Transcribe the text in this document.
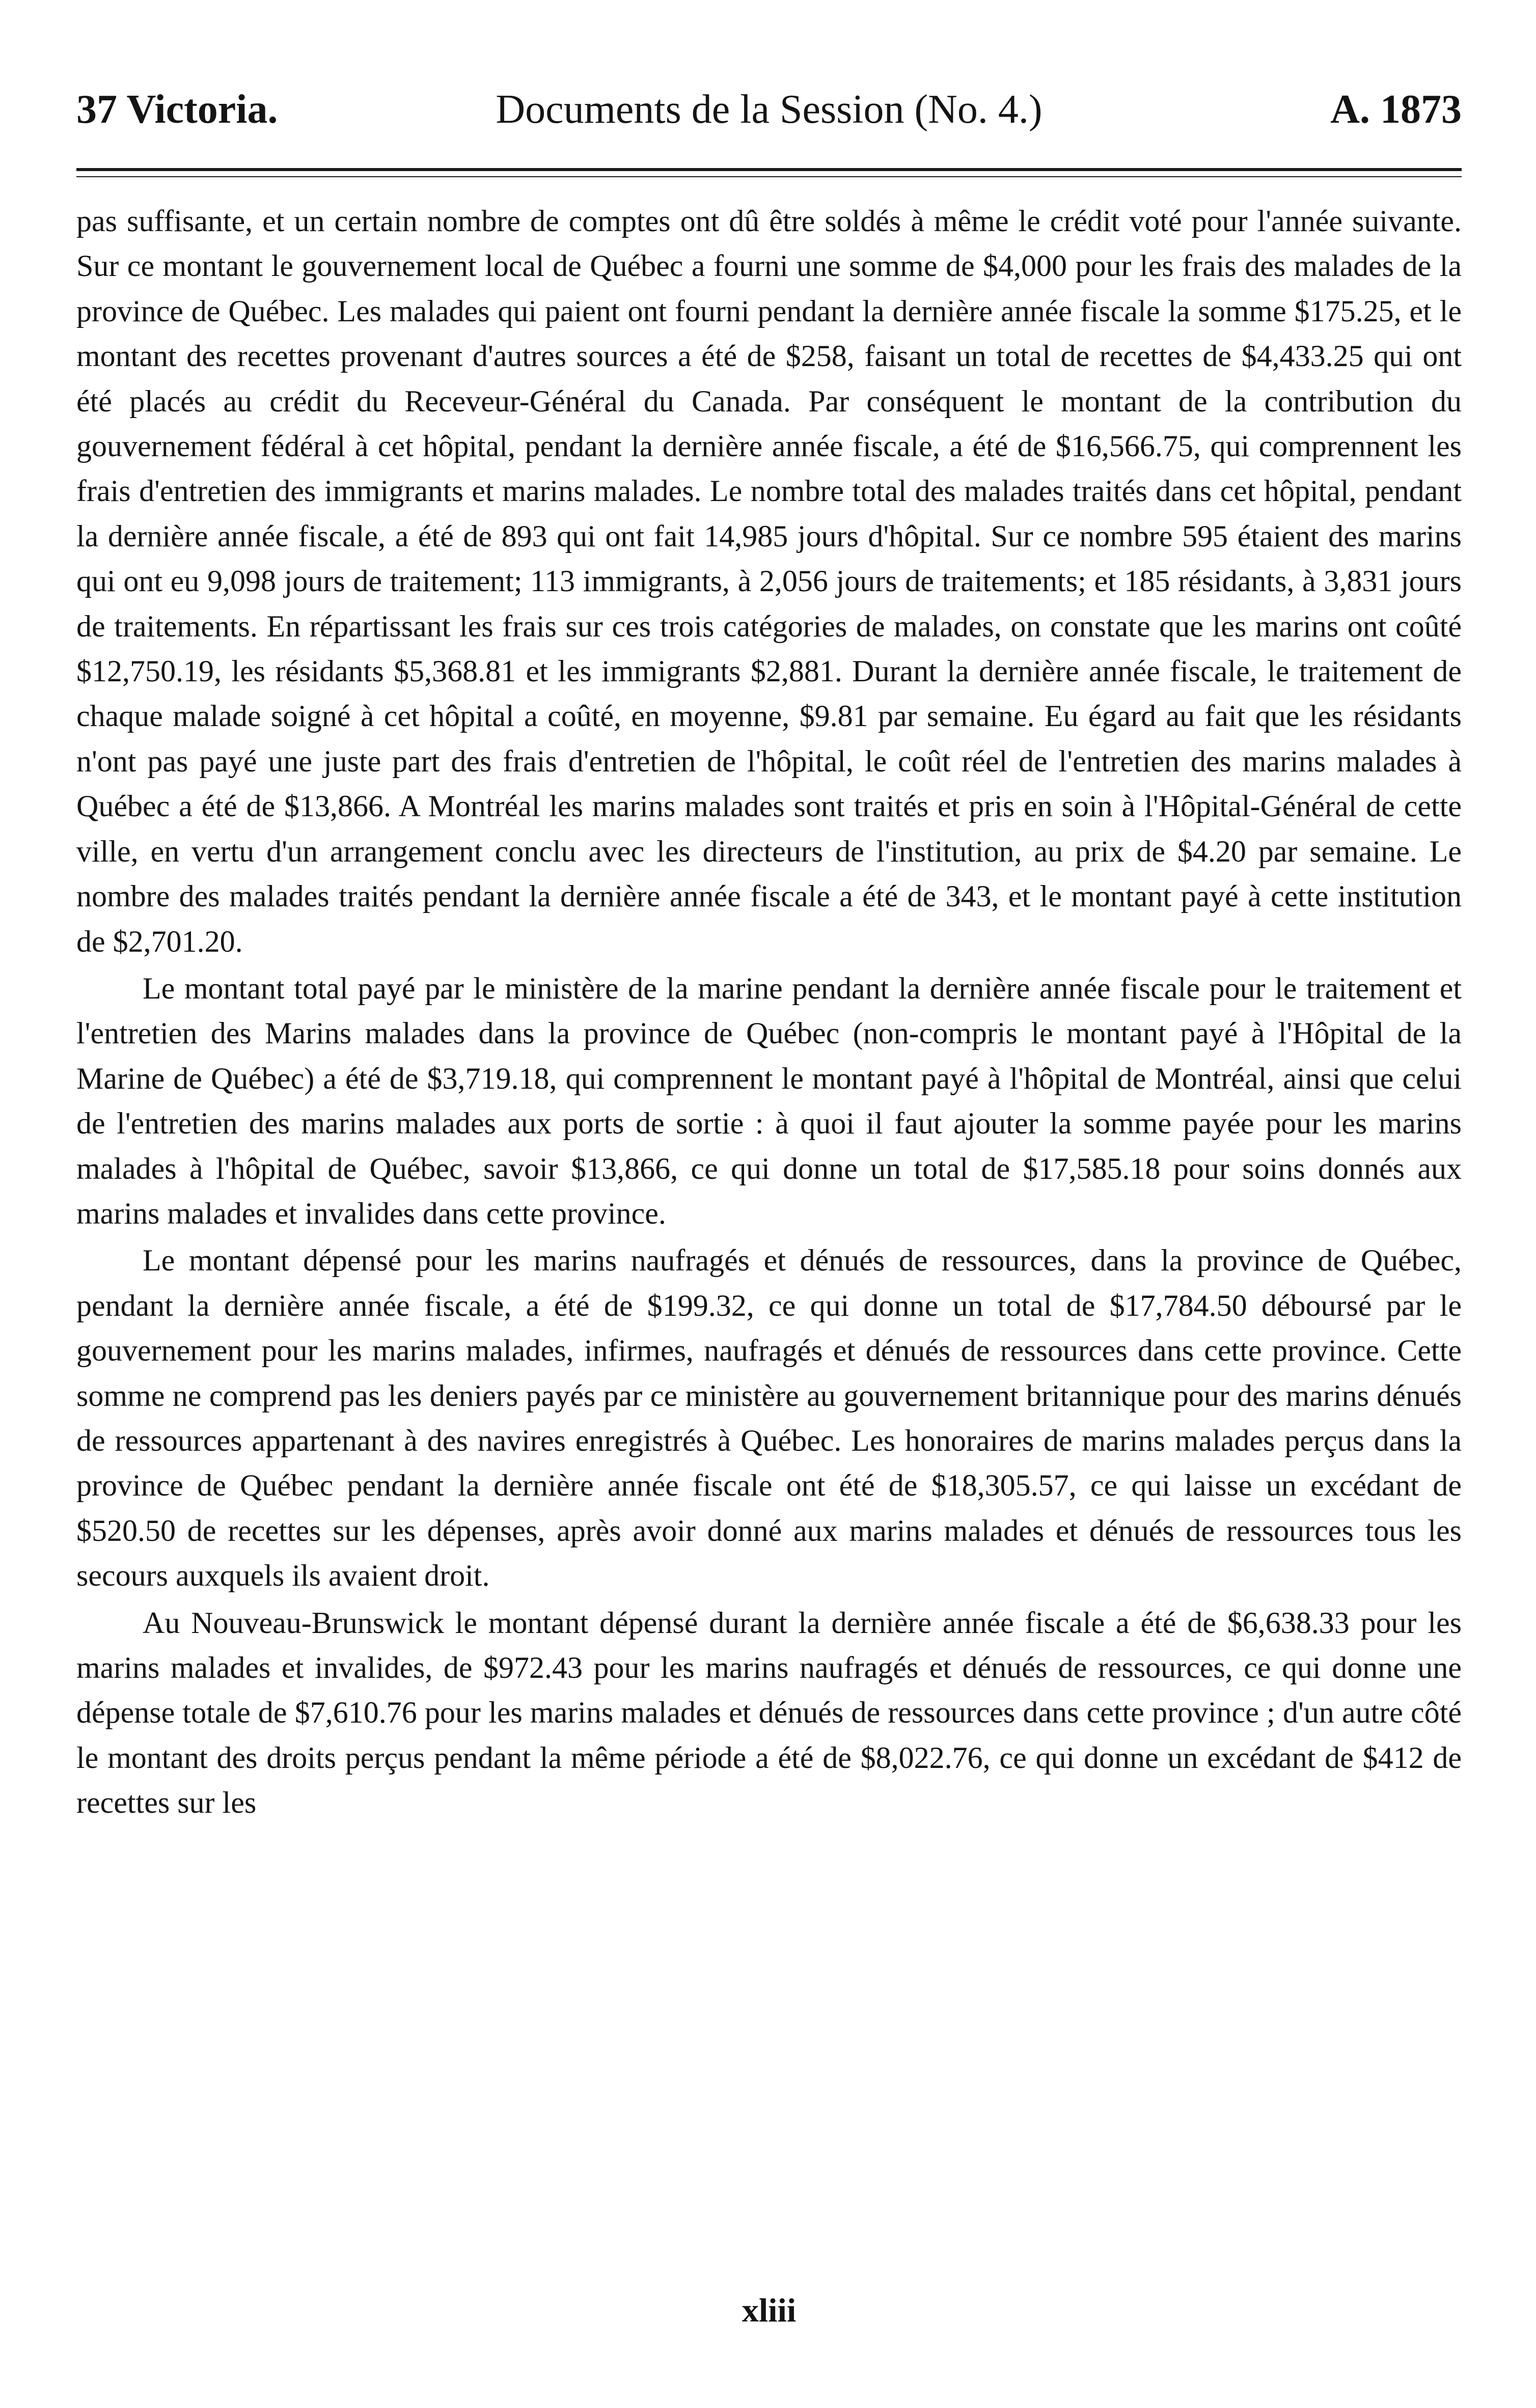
37 Victoria.	Documents de la Session (No. 4.)	A. 1873

pas suffisante, et un certain nombre de comptes ont dû être soldés à même le crédit voté pour l'année suivante. Sur ce montant le gouvernement local de Québec a fourni une somme de $4,000 pour les frais des malades de la province de Québec. Les malades qui paient ont fourni pendant la dernière année fiscale la somme $175.25, et le montant des recettes provenant d'autres sources a été de $258, faisant un total de recettes de $4,433.25 qui ont été placés au crédit du Receveur-Général du Canada. Par conséquent le montant de la contribution du gouvernement fédéral à cet hôpital, pendant la dernière année fiscale, a été de $16,566.75, qui comprennent les frais d'entretien des immigrants et marins malades. Le nombre total des malades traités dans cet hôpital, pendant la dernière année fiscale, a été de 893 qui ont fait 14,985 jours d'hôpital. Sur ce nombre 595 étaient des marins qui ont eu 9,098 jours de traitement; 113 immigrants, à 2,056 jours de traitements; et 185 résidants, à 3,831 jours de traitements. En répartissant les frais sur ces trois catégories de malades, on constate que les marins ont coûté $12,750.19, les résidants $5,368.81 et les immigrants $2,881. Durant la dernière année fiscale, le traitement de chaque malade soigné à cet hôpital a coûté, en moyenne, $9.81 par semaine. Eu égard au fait que les résidants n'ont pas payé une juste part des frais d'entretien de l'hôpital, le coût réel de l'entretien des marins malades à Québec a été de $13,866. A Montréal les marins malades sont traités et pris en soin à l'Hôpital-Général de cette ville, en vertu d'un arrangement conclu avec les directeurs de l'institution, au prix de $4.20 par semaine. Le nombre des malades traités pendant la dernière année fiscale a été de 343, et le montant payé à cette institution de $2,701.20.

Le montant total payé par le ministère de la marine pendant la dernière année fiscale pour le traitement et l'entretien des Marins malades dans la province de Québec (non-compris le montant payé à l'Hôpital de la Marine de Québec) a été de $3,719.18, qui comprennent le montant payé à l'hôpital de Montréal, ainsi que celui de l'entretien des marins malades aux ports de sortie : à quoi il faut ajouter la somme payée pour les marins malades à l'hôpital de Québec, savoir $13,866, ce qui donne un total de $17,585.18 pour soins donnés aux marins malades et invalides dans cette province.

Le montant dépensé pour les marins naufragés et dénués de ressources, dans la province de Québec, pendant la dernière année fiscale, a été de $199.32, ce qui donne un total de $17,784.50 déboursé par le gouvernement pour les marins malades, infirmes, naufragés et dénués de ressources dans cette province. Cette somme ne comprend pas les deniers payés par ce ministère au gouvernement britannique pour des marins dénués de ressources appartenant à des navires enregistrés à Québec. Les honoraires de marins malades perçus dans la province de Québec pendant la dernière année fiscale ont été de $18,305.57, ce qui laisse un excédant de $520.50 de recettes sur les dépenses, après avoir donné aux marins malades et dénués de ressources tous les secours auxquels ils avaient droit.

Au Nouveau-Brunswick le montant dépensé durant la dernière année fiscale a été de $6,638.33 pour les marins malades et invalides, de $972.43 pour les marins naufragés et dénués de ressources, ce qui donne une dépense totale de $7,610.76 pour les marins malades et dénués de ressources dans cette province ; d'un autre côté le montant des droits perçus pendant la même période a été de $8,022.76, ce qui donne un excédant de $412 de recettes sur les

xliii
